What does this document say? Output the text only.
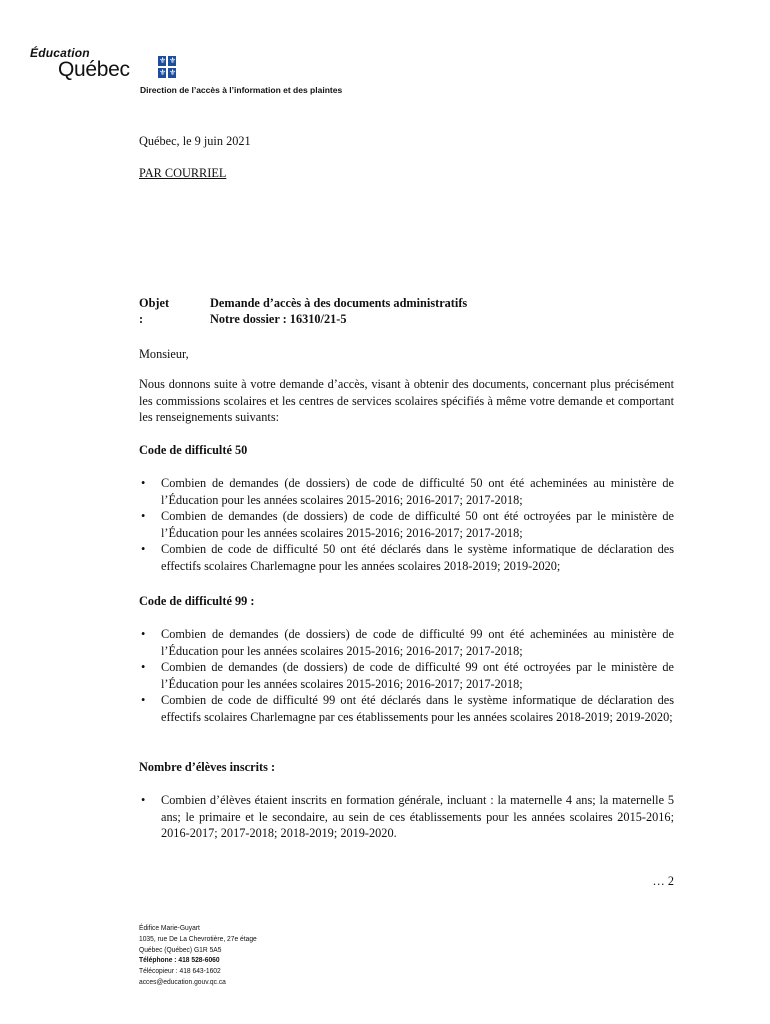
Éducation
Québec	⚜ ⚜
⚜ ⚜
Direction de l’accès à l’information et des plaintes
Québec, le 9 juin 2021
PAR COURRIEL
Objet :
Demande d’accès à des documents administratifs
Notre dossier : 16310/21-5
Monsieur,
Nous donnons suite à votre demande d’accès, visant à obtenir des documents, concernant plus précisément les commissions scolaires et les centres de services scolaires spécifiés à même votre demande et comportant les renseignements suivants:
Code de difficulté 50
• Combien de demandes (de dossiers) de code de difficulté 50 ont été acheminées au ministère de l’Éducation pour les années scolaires 2015-2016; 2016-2017; 2017-2018;
• Combien de demandes (de dossiers) de code de difficulté 50 ont été octroyées par le ministère de l’Éducation pour les années scolaires 2015-2016; 2016-2017; 2017-2018;
• Combien de code de difficulté 50 ont été déclarés dans le système informatique de déclaration des effectifs scolaires Charlemagne pour les années scolaires 2018-2019; 2019-2020;
Code de difficulté 99 :
• Combien de demandes (de dossiers) de code de difficulté 99 ont été acheminées au ministère de l’Éducation pour les années scolaires 2015-2016; 2016-2017; 2017-2018;
• Combien de demandes (de dossiers) de code de difficulté 99 ont été octroyées par le ministère de l’Éducation pour les années scolaires 2015-2016; 2016-2017; 2017-2018;
• Combien de code de difficulté 99 ont été déclarés dans le système informatique de déclaration des effectifs scolaires Charlemagne par ces établissements pour les années scolaires 2018-2019; 2019-2020;
Nombre d’élèves inscrits :
• Combien d’élèves étaient inscrits en formation générale, incluant : la maternelle 4 ans; la maternelle 5 ans; le primaire et le secondaire, au sein de ces établissements pour les années scolaires 2015-2016; 2016-2017; 2017-2018; 2018-2019; 2019-2020.
… 2
Édifice Marie-Guyart
1035, rue De La Chevrotière, 27e étage
Québec (Québec) G1R 5A5
Téléphone : 418 528-6060
Télécopieur : 418 643-1602
acces@education.gouv.qc.ca
